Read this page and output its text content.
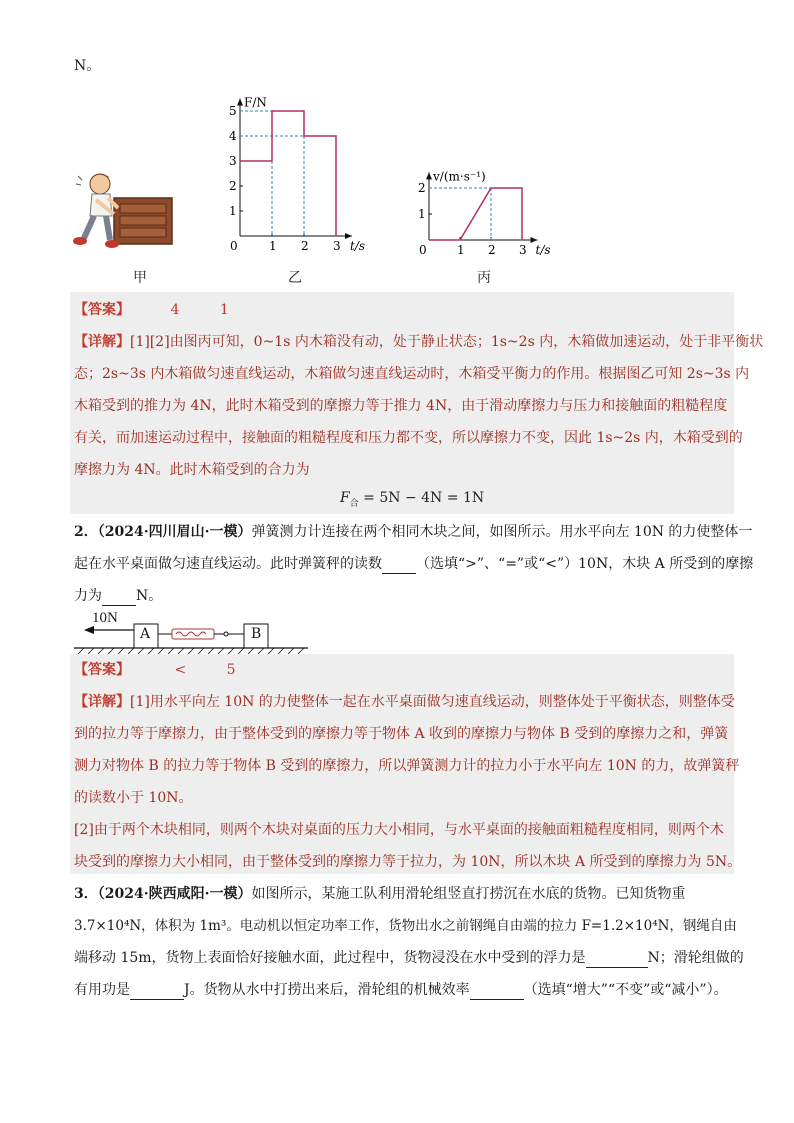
N。
甲
0	1 2 3
1
2
3
4
5
t/s
F/N
乙
0	1 2 3
1
2
t/s
v/(m·s⁻¹)
丙
【答案】	4	1
【详解】[1][2]由图丙可知，0~1s 内木箱没有动，处于静止状态；1s~2s 内，木箱做加速运动，处于非平衡状
态；2s~3s 内木箱做匀速直线运动，木箱做匀速直线运动时，木箱受平衡力的作用。根据图乙可知 2s~3s 内
木箱受到的推力为 4N，此时木箱受到的摩擦力等于推力 4N，由于滑动摩擦力与压力和接触面的粗糙程度
有关，而加速运动过程中，接触面的粗糙程度和压力都不变，所以摩擦力不变，因此 1s~2s 内，木箱受到的
摩擦力为 4N。此时木箱受到的合力为
$F_合 = 5N - 4N = 1N$
2．（2024·四川眉山·一模）弹簧测力计连接在两个相同木块之间，如图所示。用水平向左 10N 的力使整体一
起在水平桌面做匀速直线运动。此时弹簧秤的读数 （选填“>”、“=”或“<”）10N，木块 A 所受到的摩擦
力为 N。
10N
A	B
【答案】	<	5
【详解】[1]用水平向左 10N 的力使整体一起在水平桌面做匀速直线运动，则整体处于平衡状态，则整体受
到的拉力等于摩擦力，由于整体受到的摩擦力等于物体 A 收到的摩擦力与物体 B 受到的摩擦力之和，弹簧
测力对物体 B 的拉力等于物体 B 受到的摩擦力，所以弹簧测力计的拉力小于水平向左 10N 的力，故弹簧秤
的读数小于 10N。
[2]由于两个木块相同，则两个木块对桌面的压力大小相同，与水平桌面的接触面粗糙程度相同，则两个木
块受到的摩擦力大小相同，由于整体受到的摩擦力等于拉力，为 10N，所以木块 A 所受到的摩擦力为 5N。
3．（2024·陕西咸阳·一模）如图所示，某施工队利用滑轮组竖直打捞沉在水底的货物。已知货物重
3.7×10⁴N，体积为 1m³。电动机以恒定功率工作，货物出水之前钢绳自由端的拉力 F=1.2×10⁴N，钢绳自由
端移动 15m，货物上表面恰好接触水面，此过程中，货物浸没在水中受到的浮力是	N；滑轮组做的
有用功是	J。货物从水中打捞出来后，滑轮组的机械效率	（选填“增大”“不变”或“减小”）。
